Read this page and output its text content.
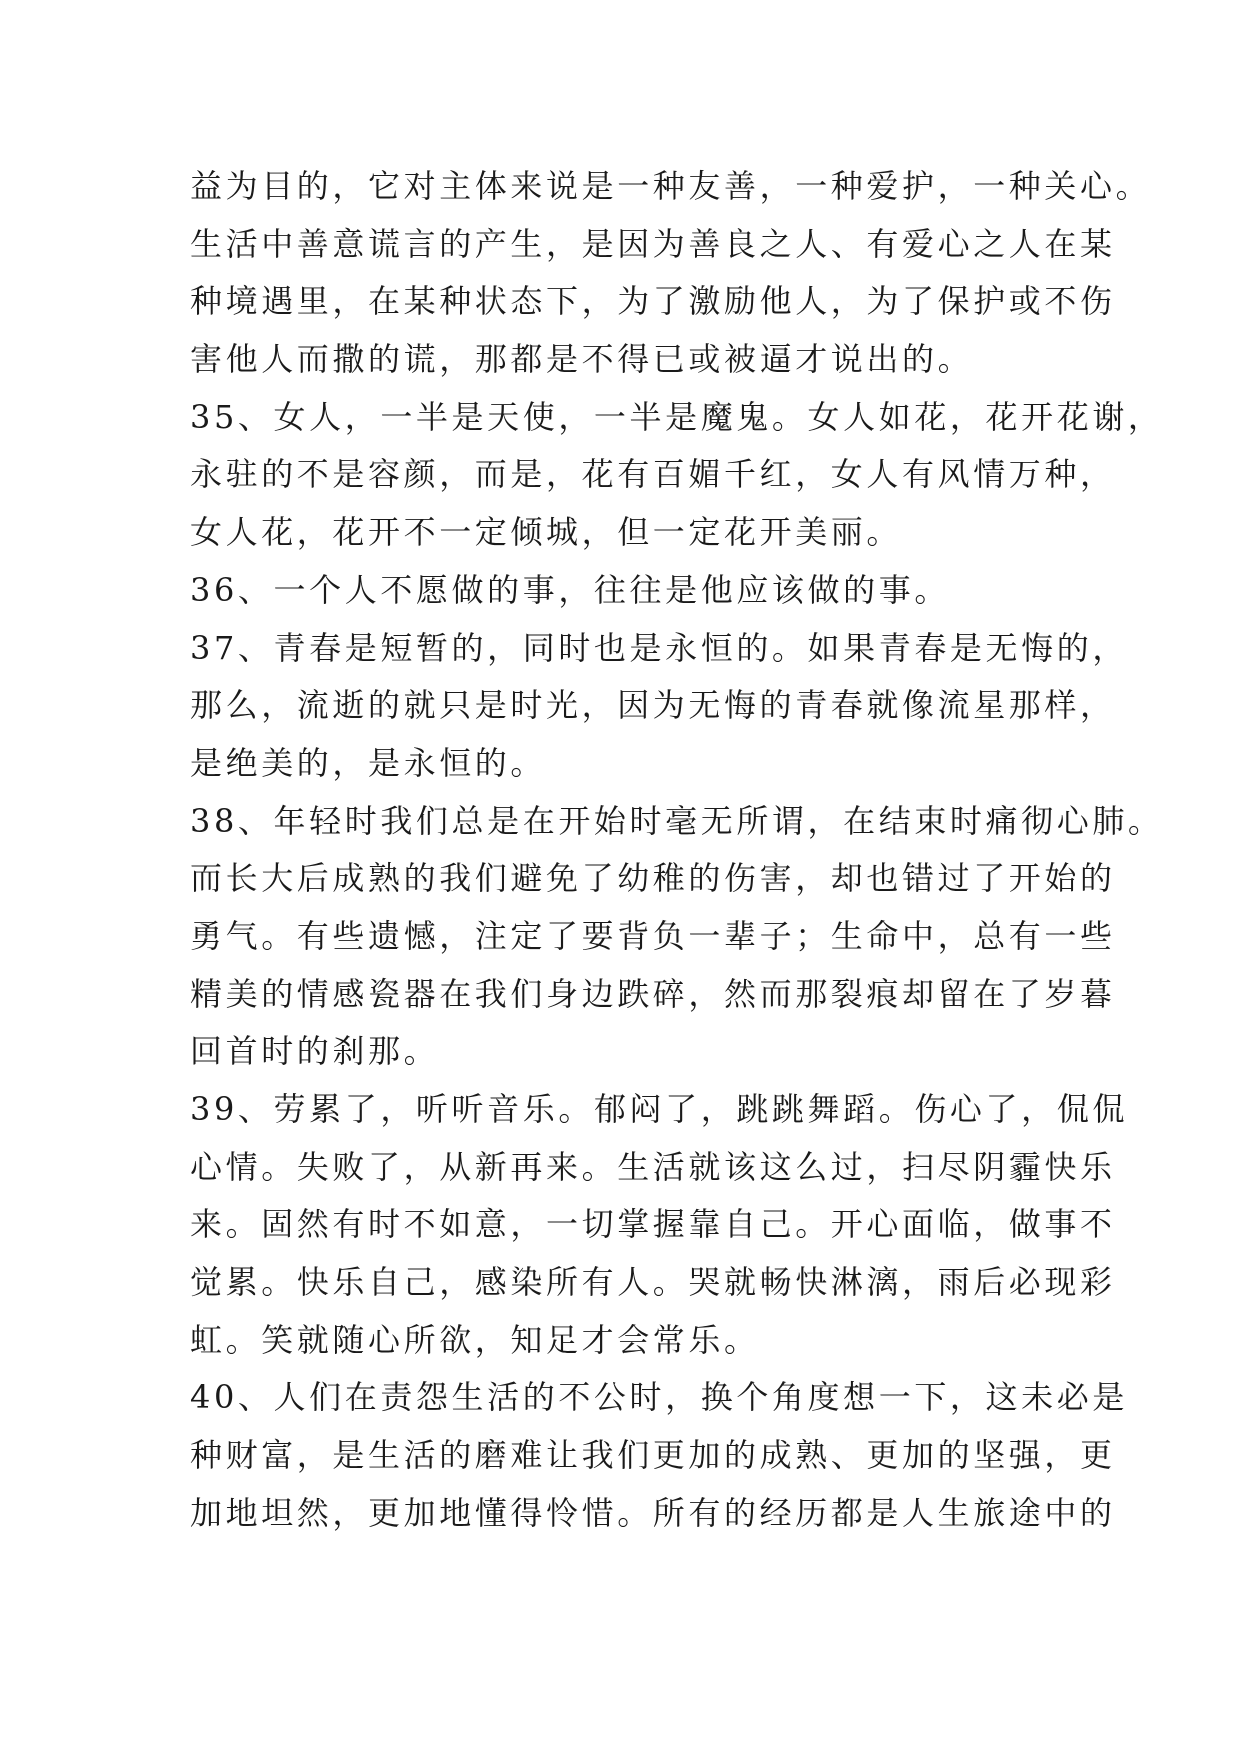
益为目的，它对主体来说是一种友善，一种爱护，一种关心。
生活中善意谎言的产生，是因为善良之人、有爱心之人在某
种境遇里，在某种状态下，为了激励他人，为了保护或不伤
害他人而撒的谎，那都是不得已或被逼才说出的。
35、女人，一半是天使，一半是魔鬼。女人如花，花开花谢，
永驻的不是容颜，而是，花有百媚千红，女人有风情万种，
女人花，花开不一定倾城，但一定花开美丽。
36、一个人不愿做的事，往往是他应该做的事。
37、青春是短暂的，同时也是永恒的。如果青春是无悔的，
那么，流逝的就只是时光，因为无悔的青春就像流星那样，
是绝美的，是永恒的。
38、年轻时我们总是在开始时毫无所谓，在结束时痛彻心肺。
而长大后成熟的我们避免了幼稚的伤害，却也错过了开始的
勇气。有些遗憾，注定了要背负一辈子；生命中，总有一些
精美的情感瓷器在我们身边跌碎，然而那裂痕却留在了岁暮
回首时的刹那。
39、劳累了，听听音乐。郁闷了，跳跳舞蹈。伤心了，侃侃
心情。失败了，从新再来。生活就该这么过，扫尽阴霾快乐
来。固然有时不如意，一切掌握靠自己。开心面临，做事不
觉累。快乐自己，感染所有人。哭就畅快淋漓，雨后必现彩
虹。笑就随心所欲，知足才会常乐。
40、人们在责怨生活的不公时，换个角度想一下，这未必是
种财富，是生活的磨难让我们更加的成熟、更加的坚强，更
加地坦然，更加地懂得怜惜。所有的经历都是人生旅途中的
